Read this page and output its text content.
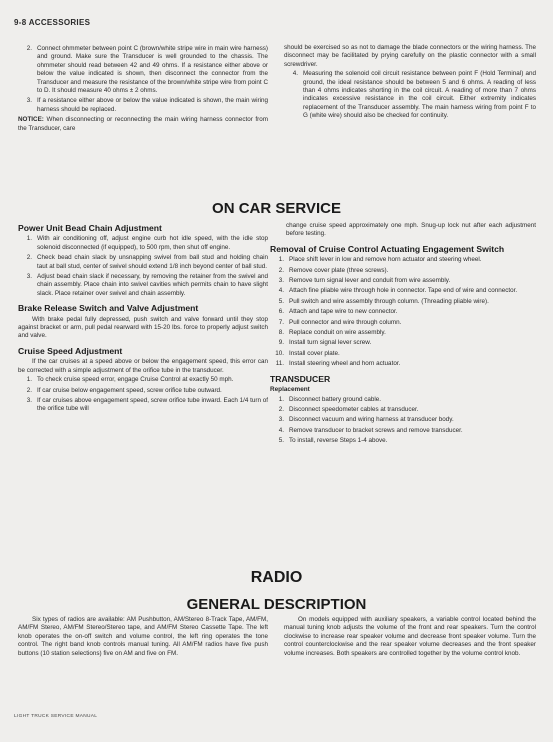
9-8 ACCESSORIES
2. Connect ohmmeter between point C (brown/white stripe wire in main wire harness) and ground. Make sure the Transducer is well grounded to the chassis. The ohmmeter should read between 42 and 49 ohms. If a resistance either above or below the value indicated is shown, then disconnect the connector from the Transducer and measure the resistance of the brown/white stripe wire from point C to D. It should measure 40 ohms ± 2 ohms.
3. If a resistance either above or below the value indicated is shown, the main wiring harness should be replaced.

NOTICE: When disconnecting or reconnecting the main wiring harness connector from the Transducer, care

should be exercised so as not to damage the blade connectors or the wiring harness. The disconnect may be facilitated by prying carefully on the plastic connector with a small screwdriver.

4. Measuring the solenoid coil circuit resistance between point F (Hold Terminal) and ground, the ideal resistance should be between 5 and 6 ohms. A reading of less than 4 ohms indicates shorting in the coil circuit. A reading of more than 7 ohms indicates excessive resistance in the coil circuit. Either extremity indicates replacement of the Transducer assembly. The main harness wiring from point F to G (white wire) should also be checked for continuity.
ON CAR SERVICE
Power Unit Bead Chain Adjustment
1. With air conditioning off, adjust engine curb hot idle speed, with the idle stop solenoid disconnected (if equipped), to 500 rpm, then shut off engine.
2. Check bead chain slack by unsnapping swivel from ball stud and holding chain taut at ball stud, center of swivel should extend 1/8 inch beyond center of ball stud.
3. Adjust bead chain slack if necessary, by removing the retainer from the swivel and chain assembly. Place chain into swivel cavities which permits chain to have slight slack. Place retainer over swivel and chain assembly.
Brake Release Switch and Valve Adjustment

With brake pedal fully depressed, push switch and valve forward until they stop against bracket or arm, pull pedal rearward with 15-20 lbs. force to properly adjust switch and valve.

Cruise Speed Adjustment

If the car cruises at a speed above or below the engagement speed, this error can be corrected with a simple adjustment of the orifice tube in the transducer.

1. To check cruise speed error, engage Cruise Control at exactly 50 mph.
2. If car cruise below engagement speed, screw orifice tube outward.
3. If car cruises above engagement speed, screw orifice tube inward. Each 1/4 turn of the orifice tube will

change cruise speed approximately one mph. Snug-up lock nut after each adjustment before testing.

Removal of Cruise Control Actuating Engagement Switch
1. Place shift lever in low and remove horn actuator and steering wheel.
2. Remove cover plate (three screws).
3. Remove turn signal lever and conduit from wire assembly.
4. Attach fine pliable wire through hole in connector. Tape end of wire and connector.
5. Pull switch and wire assembly through column. (Threading pliable wire).
6. Attach and tape wire to new connector.
7. Pull connector and wire through column.
8. Replace conduit on wire assembly.
9. Install turn signal lever screw.
10. Install cover plate.
11. Install steering wheel and horn actuator.
TRANSDUCER
Replacement
1. Disconnect battery ground cable.
2. Disconnect speedometer cables at transducer.
3. Disconnect vacuum and wiring harness at transducer body.
4. Remove transducer to bracket screws and remove transducer.
5. To install, reverse Steps 1-4 above.
RADIO
GENERAL DESCRIPTION

Six types of radios are available: AM Pushbutton, AM/Stereo 8-Track Tape, AM/FM, AM/FM Stereo, AM/FM Stereo/Stereo tape, and AM/FM Stereo Cassette Tape. The left knob operates the on-off switch and volume control, the left ring operates the tone control. The right band knob controls manual tuning. All AM/FM radios have five push buttons (10 station selections) five on AM and five on FM.

On models equipped with auxiliary speakers, a variable control located behind the manual tuning knob adjusts the volume of the front and rear speakers. Turn the control clockwise to increase rear speaker volume and decrease front speaker volume. Turn the control counterclockwise and the rear speaker volume decreases and the front speaker volume increases. Both speakers are controlled together by the volume control knob.

LIGHT TRUCK SERVICE MANUAL
